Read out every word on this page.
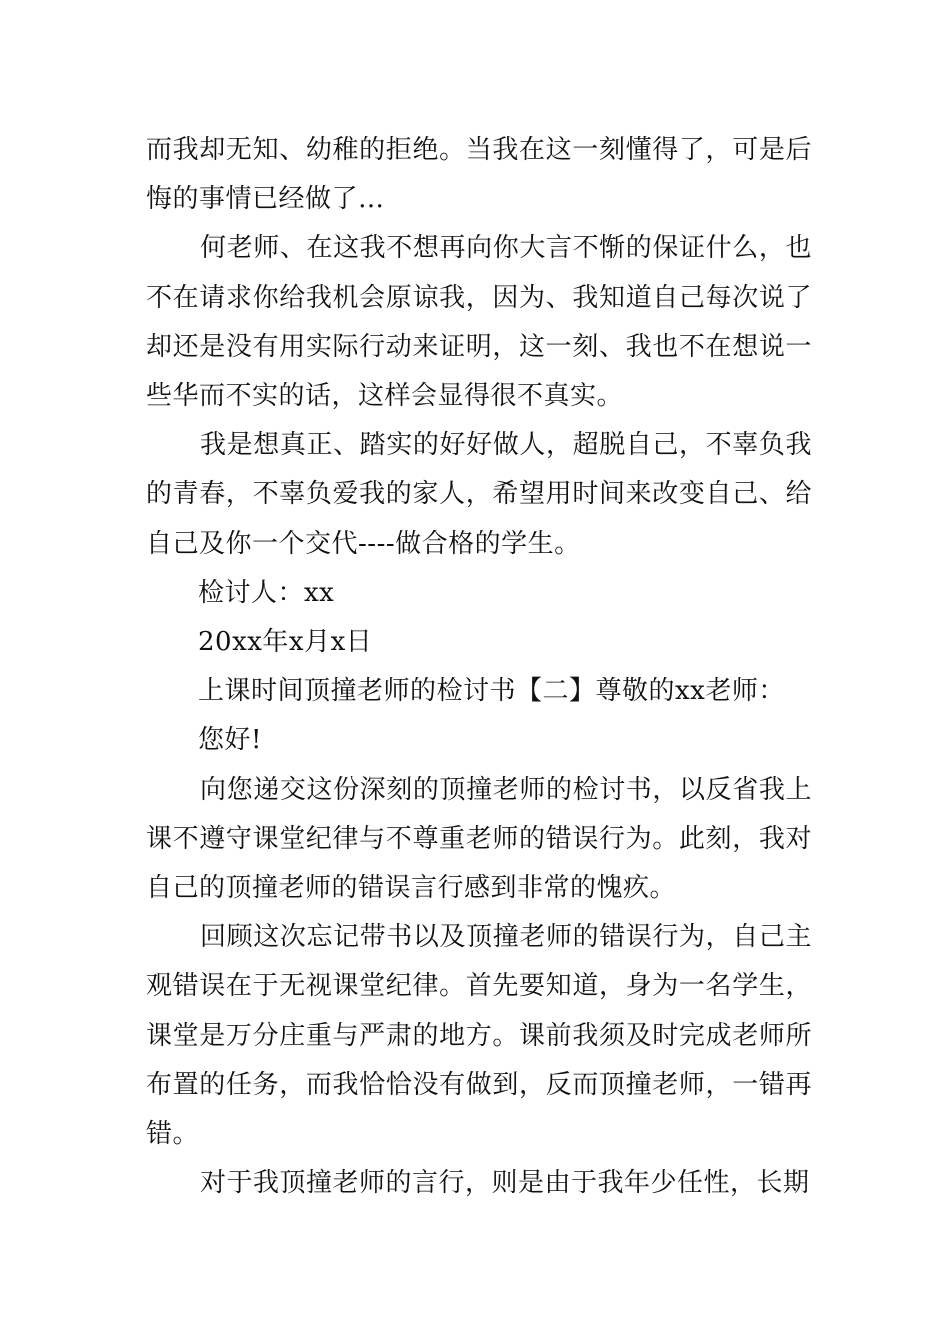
而我却无知、幼稚的拒绝。当我在这一刻懂得了，可是后悔的事情已经做了…

何老师、在这我不想再向你大言不惭的保证什么，也不在请求你给我机会原谅我，因为、我知道自己每次说了却还是没有用实际行动来证明，这一刻、我也不在想说一些华而不实的话，这样会显得很不真实。

我是想真正、踏实的好好做人，超脱自己，不辜负我的青春，不辜负爱我的家人，希望用时间来改变自己、给自己及你一个交代----做合格的学生。

检讨人：xx

20xx年x月x日

上课时间顶撞老师的检讨书【二】尊敬的xx老师：

您好!

向您递交这份深刻的顶撞老师的检讨书，以反省我上课不遵守课堂纪律与不尊重老师的错误行为。此刻，我对自己的顶撞老师的错误言行感到非常的愧疚。

回顾这次忘记带书以及顶撞老师的错误行为，自己主观错误在于无视课堂纪律。首先要知道，身为一名学生，课堂是万分庄重与严肃的地方。课前我须及时完成老师所布置的任务，而我恰恰没有做到，反而顶撞老师，一错再错。

对于我顶撞老师的言行，则是由于我年少任性，长期
